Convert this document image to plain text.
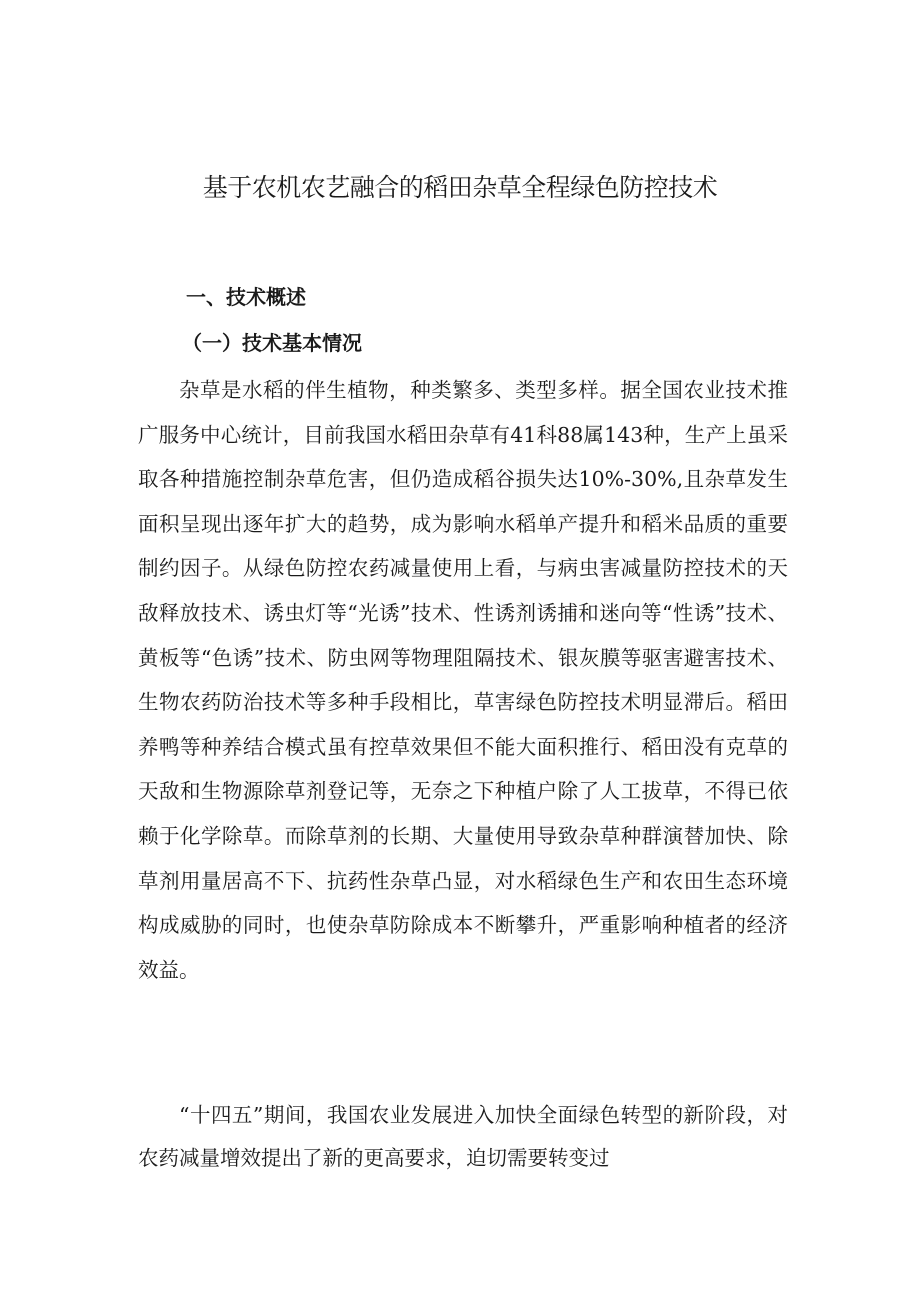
基于农机农艺融合的稻田杂草全程绿色防控技术
一、技术概述
（一）技术基本情况

杂草是水稻的伴生植物，种类繁多、类型多样。据全国农业技术推广服务中心统计，目前我国水稻田杂草有41科88属143种，生产上虽采取各种措施控制杂草危害，但仍造成稻谷损失达10%-30%,且杂草发生面积呈现出逐年扩大的趋势，成为影响水稻单产提升和稻米品质的重要制约因子。从绿色防控农药减量使用上看，与病虫害减量防控技术的天敌释放技术、诱虫灯等“光诱”技术、性诱剂诱捕和迷向等“性诱”技术、黄板等“色诱”技术、防虫网等物理阻隔技术、银灰膜等驱害避害技术、生物农药防治技术等多种手段相比，草害绿色防控技术明显滞后。稻田养鸭等种养结合模式虽有控草效果但不能大面积推行、稻田没有克草的天敌和生物源除草剂登记等，无奈之下种植户除了人工拔草，不得已依赖于化学除草。而除草剂的长期、大量使用导致杂草种群演替加快、除草剂用量居高不下、抗药性杂草凸显，对水稻绿色生产和农田生态环境构成威胁的同时，也使杂草防除成本不断攀升，严重影响种植者的经济效益。

“十四五”期间，我国农业发展进入加快全面绿色转型的新阶段，对农药减量增效提出了新的更高要求，迫切需要转变过
